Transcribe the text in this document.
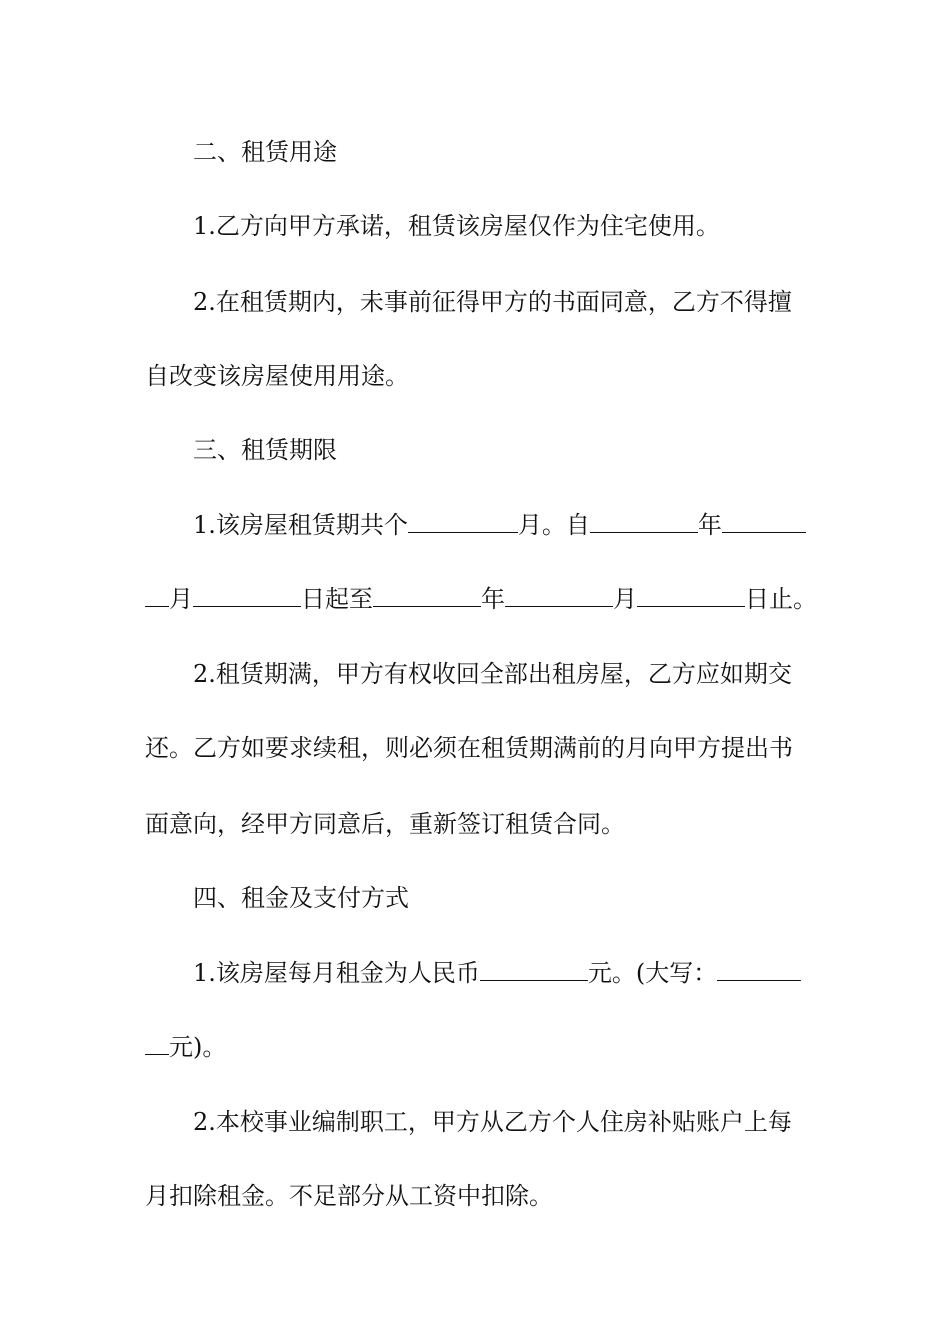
二、租赁用途
1.乙方向甲方承诺，租赁该房屋仅作为住宅使用。
2.在租赁期内，未事前征得甲方的书面同意，乙方不得擅
自改变该房屋使用用途。
三、租赁期限
1.该房屋租赁期共个	月。自	年
月	日起至	年	月	日止。
2.租赁期满，甲方有权收回全部出租房屋，乙方应如期交
还。乙方如要求续租，则必须在租赁期满前的月向甲方提出书
面意向，经甲方同意后，重新签订租赁合同。
四、租金及支付方式
1.该房屋每月租金为人民币	元。(大写：
元)。
2.本校事业编制职工，甲方从乙方个人住房补贴账户上每
月扣除租金。不足部分从工资中扣除。
